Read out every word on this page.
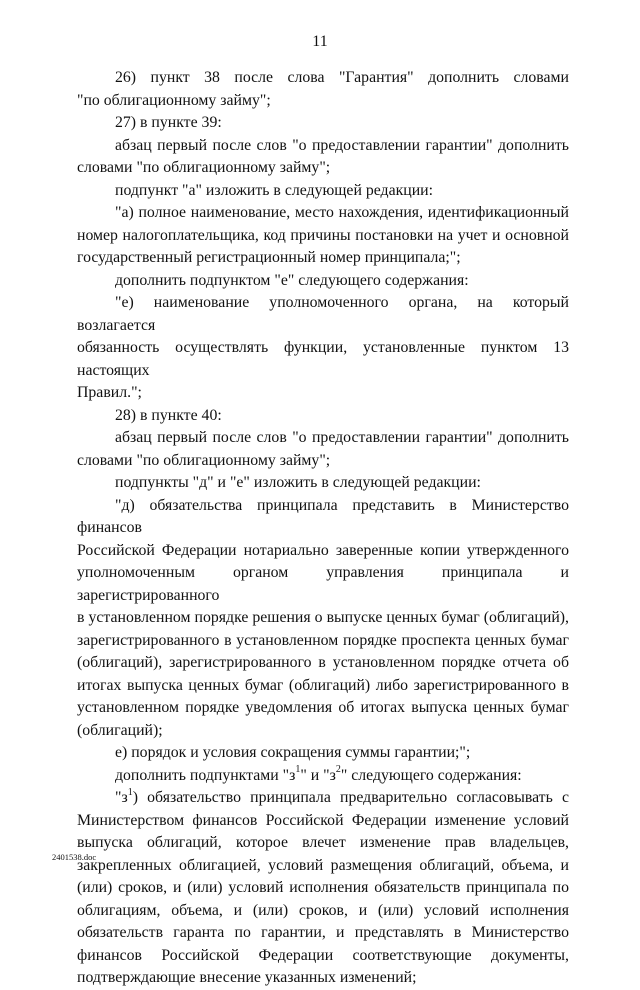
11

26) пункт 38 после слова "Гарантия" дополнить словами

"по облигационному займу";

27) в пункте 39:

абзац первый после слов "о предоставлении гарантии" дополнить

словами "по облигационному займу";

подпункт "а" изложить в следующей редакции:

"а) полное наименование, место нахождения, идентификационный

номер налогоплательщика, код причины постановки на учет и основной

государственный регистрационный номер принципала;";

дополнить подпунктом "е" следующего содержания:

"е) наименование уполномоченного органа, на который возлагается

обязанность осуществлять функции, установленные пунктом 13 настоящих

Правил.";

28) в пункте 40:

абзац первый после слов "о предоставлении гарантии" дополнить

словами "по облигационному займу";

подпункты "д" и "е" изложить в следующей редакции:

"д) обязательства принципала представить в Министерство финансов

Российской Федерации нотариально заверенные копии утвержденного

уполномоченным органом управления принципала и зарегистрированного

в установленном порядке решения о выпуске ценных бумаг (облигаций),

зарегистрированного в установленном порядке проспекта ценных бумаг

(облигаций), зарегистрированного в установленном порядке отчета об

итогах выпуска ценных бумаг (облигаций) либо зарегистрированного в

установленном порядке уведомления об итогах выпуска ценных бумаг

(облигаций);

е) порядок и условия сокращения суммы гарантии;";

дополнить подпунктами "$з^1$" и "$з^2$" следующего содержания:

"$з^1$) обязательство принципала предварительно согласовывать с

Министерством финансов Российской Федерации изменение условий

выпуска облигаций, которое влечет изменение прав владельцев,

закрепленных облигацией, условий размещения облигаций, объема, и

(или) сроков, и (или) условий исполнения обязательств принципала по

облигациям, объема, и (или) сроков, и (или) условий исполнения

обязательств гаранта по гарантии, и представлять в Министерство

финансов Российской Федерации соответствующие документы,

подтверждающие внесение указанных изменений;

2401538.doc
